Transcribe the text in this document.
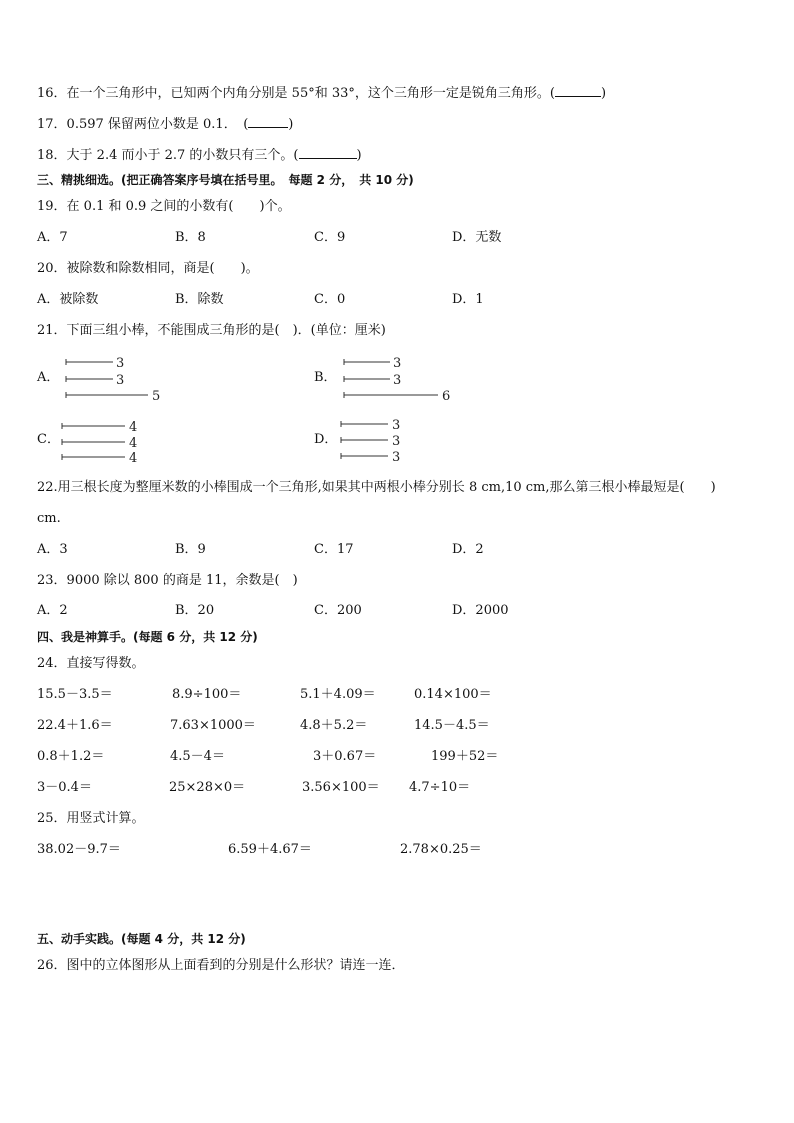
16．在一个三角形中，已知两个内角分别是 55°和 33°，这个三角形一定是锐角三角形。(	)
17．0.597 保留两位小数是 0.1．　(	)
18．大于 2.4 而小于 2.7 的小数只有三个。(	)
三、精挑细选。(把正确答案序号填在括号里。　每题 2 分，　共 10 分)
19．在 0.1 和 0.9 之间的小数有(　　)个。
A．7	B．8	C．9	D．无数
20．被除数和除数相同，商是(　　)。
A．被除数	B．除数	C．0	D．1
21．下面三组小棒，不能围成三角形的是(　)．(单位：厘米)
A．	B．
C．	D．
3
3
5
3
3
6
4
4
4
3
3
3
22.用三根长度为整厘米数的小棒围成一个三角形,如果其中两根小棒分别长 8 cm,10 cm,那么第三根小棒最短是(　　)
cm.
A．3	B．9	C．17	D．2
23．9000 除以 800 的商是 11，余数是(　)
A．2	B．20	C．200	D．2000
四、我是神算手。(每题 6 分，共 12 分)
24．直接写得数。
15.5－3.5＝	8.9÷100＝	5.1＋4.09＝	0.14×100＝
22.4＋1.6＝	7.63×1000＝	4.8＋5.2＝	14.5－4.5＝
0.8＋1.2＝	4.5－4＝	3＋0.67＝	199＋52＝
3－0.4＝	25×28×0＝	3.56×100＝ 4.7÷10＝
25．用竖式计算。
38.02－9.7＝	6.59＋4.67＝	2.78×0.25＝
五、动手实践。(每题 4 分，共 12 分)
26．图中的立体图形从上面看到的分别是什么形状？请连一连．
